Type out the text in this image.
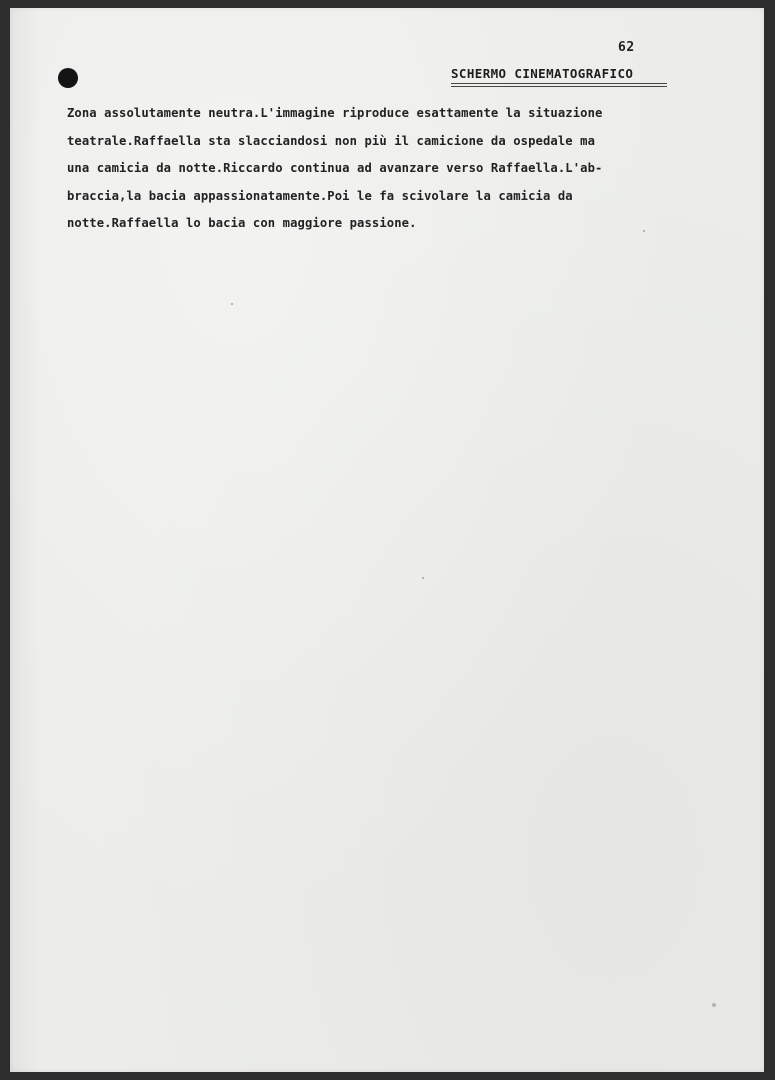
62
SCHERMO CINEMATOGRAFICO
Zona assolutamente neutra.L'immagine riproduce esattamente la situazione
teatrale.Raffaella sta slacciandosi non più il camicione da ospedale ma
una camicia da notte.Riccardo continua ad avanzare verso Raffaella.L'ab-
braccia,la bacia appassionatamente.Poi le fa scivolare la camicia da
notte.Raffaella lo bacia con maggiore passione.
